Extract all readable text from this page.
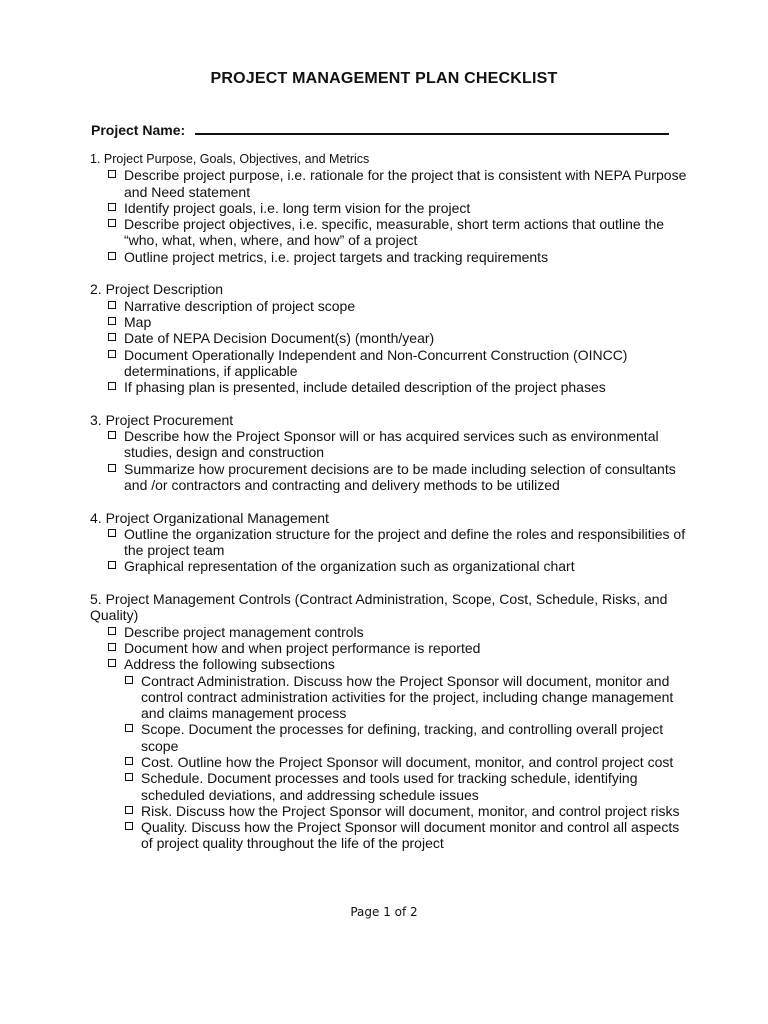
PROJECT MANAGEMENT PLAN CHECKLIST
Project Name:

1. Project Purpose, Goals, Objectives, and Metrics

Describe project purpose, i.e. rationale for the project that is consistent with NEPA Purpose and Need statement
Identify project goals, i.e. long term vision for the project
Describe project objectives, i.e. specific, measurable, short term actions that outline the “who, what, when, where, and how” of a project
Outline project metrics, i.e. project targets and tracking requirements

2. Project Description

Narrative description of project scope
Map
Date of NEPA Decision Document(s) (month/year)
Document Operationally Independent and Non-Concurrent Construction (OINCC) determinations, if applicable
If phasing plan is presented, include detailed description of the project phases

3. Project Procurement

Describe how the Project Sponsor will or has acquired services such as environmental studies, design and construction
Summarize how procurement decisions are to be made including selection of consultants and /or contractors and contracting and delivery methods to be utilized

4. Project Organizational Management

Outline the organization structure for the project and define the roles and responsibilities of the project team
Graphical representation of the organization such as organizational chart

5. Project Management Controls (Contract Administration, Scope, Cost, Schedule, Risks, and Quality)

Describe project management controls
Document how and when project performance is reported
Address the following subsections
Contract Administration. Discuss how the Project Sponsor will document, monitor and control contract administration activities for the project, including change management and claims management process
Scope. Document the processes for defining, tracking, and controlling overall project scope
Cost. Outline how the Project Sponsor will document, monitor, and control project cost
Schedule. Document processes and tools used for tracking schedule, identifying scheduled deviations, and addressing schedule issues
Risk. Discuss how the Project Sponsor will document, monitor, and control project risks
Quality. Discuss how the Project Sponsor will document monitor and control all aspects of project quality throughout the life of the project
Page 1 of 2
